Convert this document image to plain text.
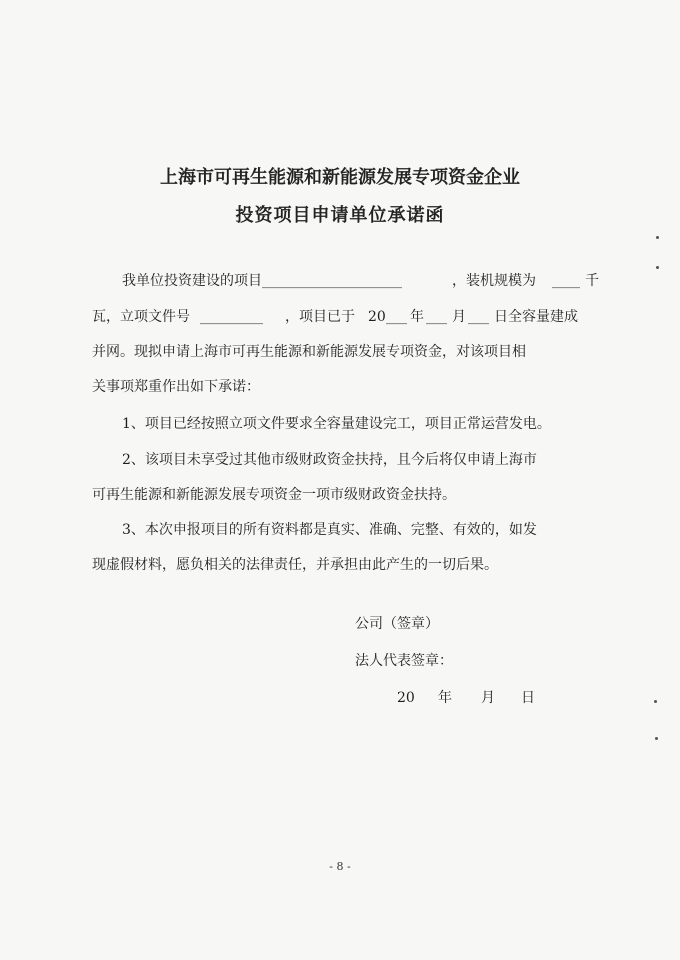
上海市可再生能源和新能源发展专项资金企业
投资项目申请单位承诺函
我单位投资建设的项目 ____________________	，装机规模为 ____ 千
瓦，立项文件号 _________ ，项目已于 20 ___ 年 ___ 月 ___ 日全容量建成
并网。现拟申请上海市可再生能源和新能源发展专项资金，对该项目相
关事项郑重作出如下承诺：
1、项目已经按照立项文件要求全容量建设完工，项目正常运营发电。
2、该项目未享受过其他市级财政资金扶持，且今后将仅申请上海市
可再生能源和新能源发展专项资金一项市级财政资金扶持。
3、本次申报项目的所有资料都是真实、准确、完整、有效的，如发
现虚假材料，愿负相关的法律责任，并承担由此产生的一切后果。
公司（签章）
法人代表签章：
20 年 月 日
- 8 -
